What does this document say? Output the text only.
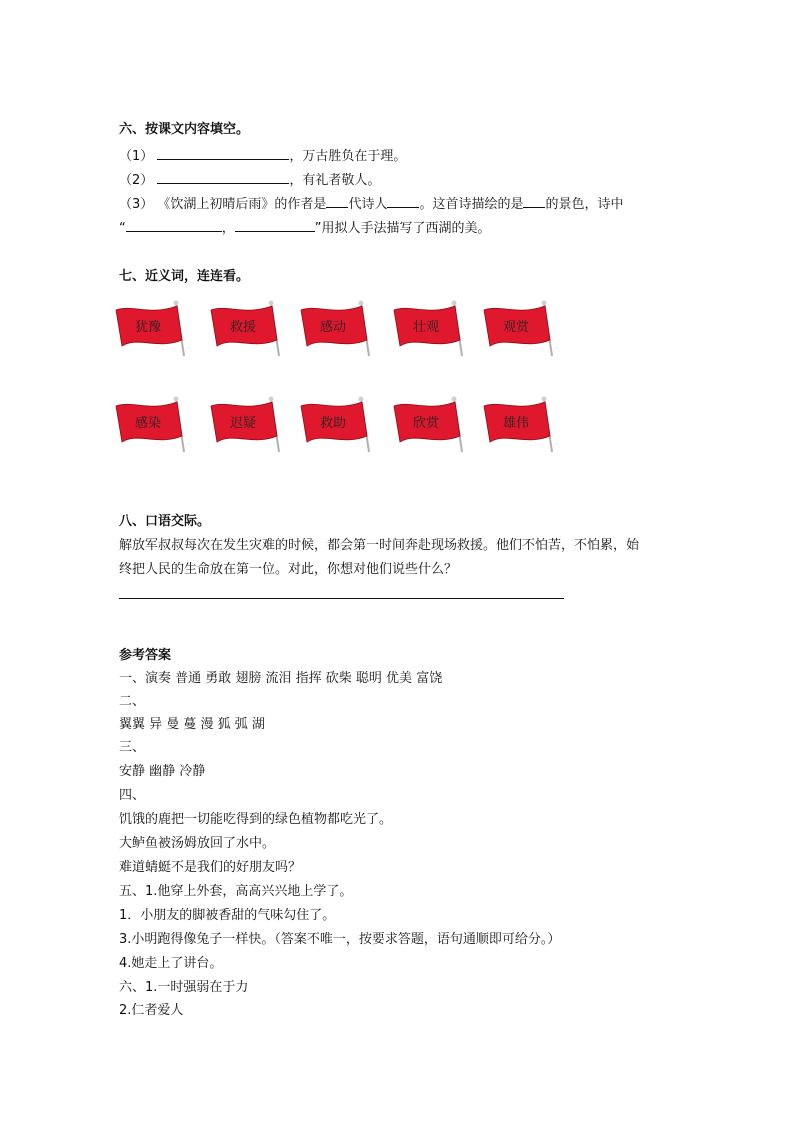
六、按课文内容填空。
（1）	，万古胜负在于理。
（2）	，有礼者敬人。
（3） 《饮湖上初晴后雨》的作者是 代诗人 。这首诗描绘的是 的景色，诗中
“	，	”用拟人手法描写了西湖的美。
七、近义词，连连看。
犹豫	救援	感动	壮观	观赏
感染	迟疑	救助	欣赏	雄伟
八、口语交际。
解放军叔叔每次在发生灾难的时候，都会第一时间奔赴现场救援。他们不怕苦，不怕累，始
终把人民的生命放在第一位。对此，你想对他们说些什么？
参考答案
一、演奏 普通 勇敢 翅膀 流泪 指挥 砍柴 聪明 优美 富饶
二、
翼翼 异 曼 蔓 漫 狐 弧 湖
三、
安静 幽静 冷静
四、
饥饿的鹿把一切能吃得到的绿色植物都吃光了。
大鲈鱼被汤姆放回了水中。
难道蜻蜓不是我们的好朋友吗？
五、1.他穿上外套，高高兴兴地上学了。
1．小朋友的脚被香甜的气味勾住了。
3.小明跑得像兔子一样快。（答案不唯一，按要求答题，语句通顺即可给分。）
4.她走上了讲台。
六、1.一时强弱在于力
2.仁者爱人
